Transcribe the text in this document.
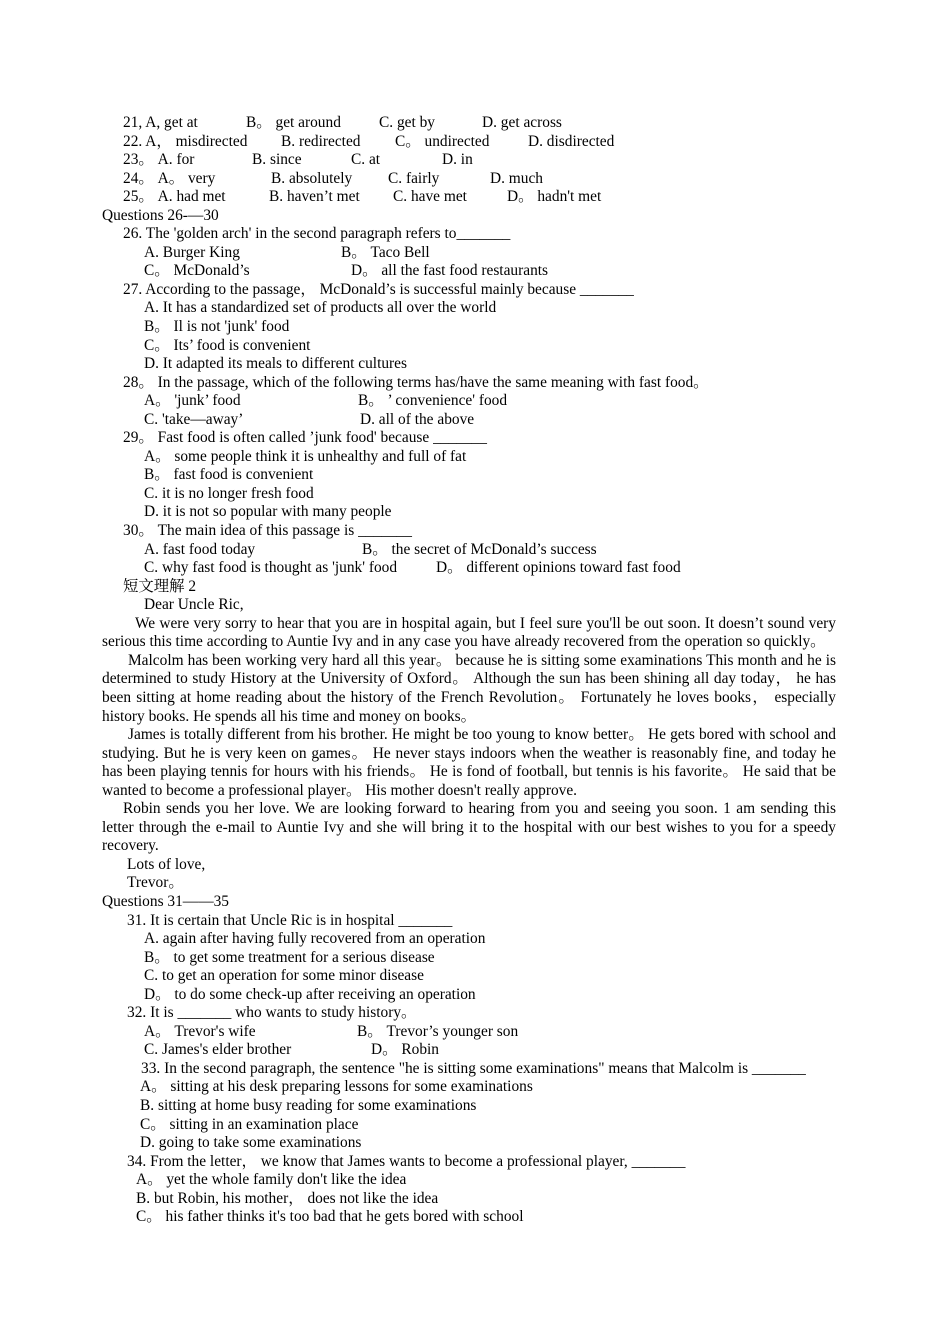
21, A, get at	B。 get around C. get by	D. get across
22. A， misdirected B. redirected C。 undirected	D. disdirected
23。 A. for	B. since	C. at	D. in
24。 A。 very	B. absolutely C. fairly	D. much
25。 A. had met	B. haven’t met C. have met	D。 hadn't met
Questions 26-—30
26. The 'golden arch' in the second paragraph refers to_______
A. Burger King	B。 Taco Bell
C。 McDonald’s	D。 all the fast food restaurants
27. According to the passage， McDonald’s is successful mainly because _______
A. It has a standardized set of products all over the world
B。 Il is not 'junk' food
C。 Its’ food is convenient
D. It adapted its meals to different cultures
28。 In the passage, which of the following terms has/have the same meaning with fast food。
A。 'junk’ food	B。 ’ convenience' food
C. 'take—away’	D. all of the above
29。 Fast food is often called ’junk food' because _______
A。 some people think it is unhealthy and full of fat
B。 fast food is convenient
C. it is no longer fresh food
D. it is not so popular with many people
30。 The main idea of this passage is _______
A. fast food today	B。 the secret of McDonald’s success
C. why fast food is thought as 'junk' food	D。 different opinions toward fast food
短文理解 2
Dear Uncle Ric,
We were very sorry to hear that you are in hospital again, but I feel sure you'll be out soon. It doesn’t sound very serious this time according to Auntie Ivy and in any case you have already recovered from the operation so quickly。
Malcolm has been working very hard all this year。 because he is sitting some examinations This month and he is determined to study History at the University of Oxford。 Although the sun has been shining all day today， he has been sitting at home reading about the history of the French Revolution。 Fortunately he loves books， especially history books. He spends all his time and money on books。
James is totally different from his brother. He might be too young to know better。 He gets bored with school and studying. But he is very keen on games。 He never stays indoors when the weather is reasonably fine, and today he has been playing tennis for hours with his friends。 He is fond of football, but tennis is his favorite。 He said that be wanted to become a professional player。 His mother doesn't really approve.
Robin sends you her love. We are looking forward to hearing from you and seeing you soon. 1 am sending this letter through the e-mail to Auntie Ivy and she will bring it to the hospital with our best wishes to you for a speedy recovery.
Lots of love,
Trevor。
Questions 31——35
31. It is certain that Uncle Ric is in hospital _______
A. again after having fully recovered from an operation
B。 to get some treatment for a serious disease
C. to get an operation for some minor disease
D。 to do some check-up after receiving an operation
32. It is _______ who wants to study history。
A。 Trevor's wife	B。 Trevor’s younger son
C. James's elder brother	D。 Robin
33. In the second paragraph, the sentence "he is sitting some examinations" means that Malcolm is _______
A。 sitting at his desk preparing lessons for some examinations
B. sitting at home busy reading for some examinations
C。 sitting in an examination place
D. going to take some examinations
34. From the letter， we know that James wants to become a professional player, _______
A。 yet the whole family don't like the idea
B. but Robin, his mother， does not like the idea
C。 his father thinks it's too bad that he gets bored with school
